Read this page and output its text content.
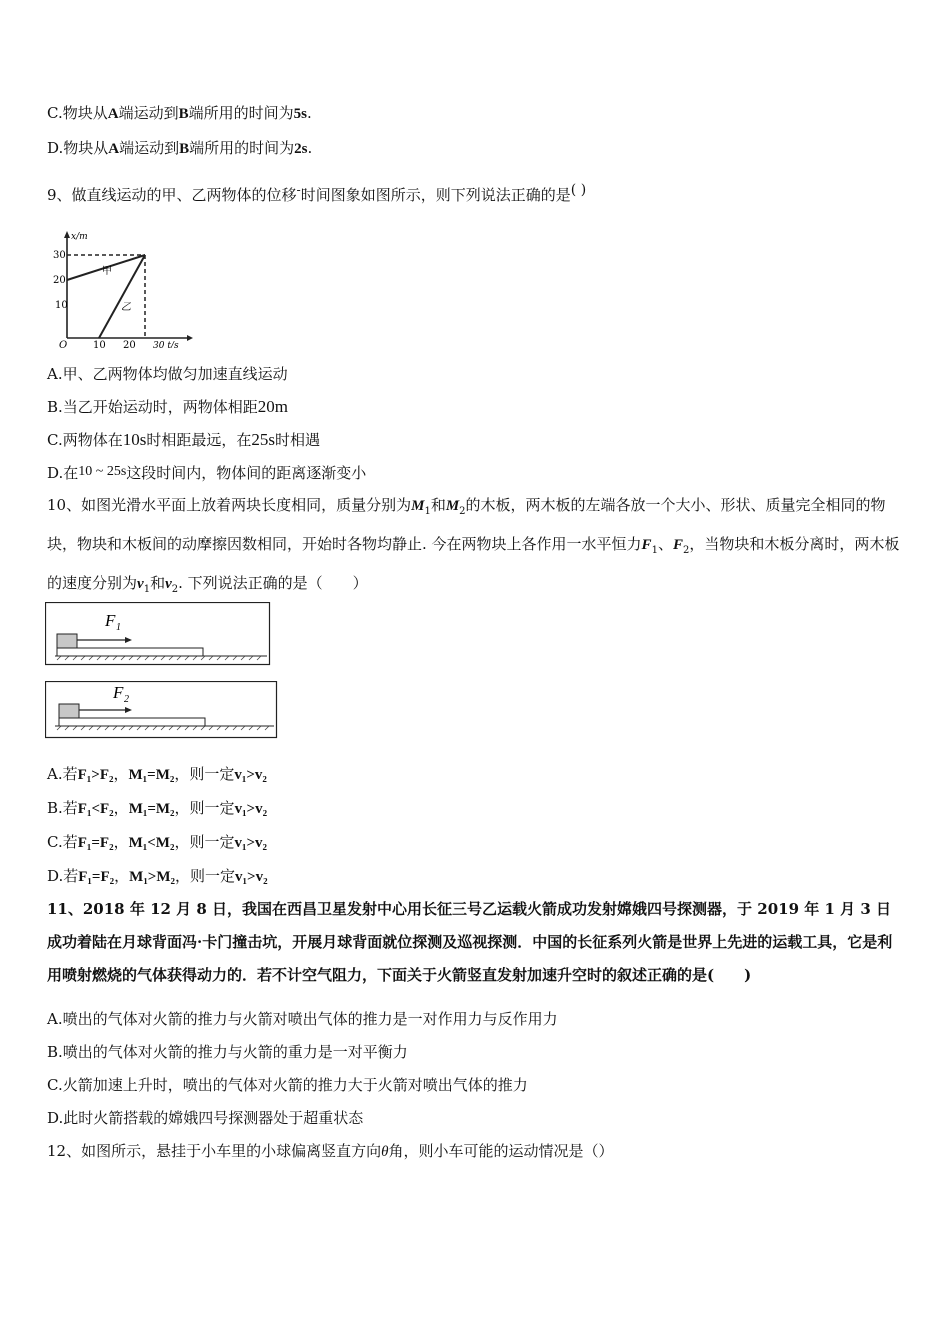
C.物块从A端运动到B端所用的时间为5s.
D.物块从A端运动到B端所用的时间为2s.
9、做直线运动的甲、乙两物体的位移-时间图象如图所示，则下列说法正确的是( )
x/m
30
20
10
O	10 20 30 t/s
甲
乙
A.甲、乙两物体均做匀加速直线运动
B.当乙开始运动时，两物体相距20m
C.两物体在10s时相距最远，在25s时相遇
D.在10 ~ 25s这段时间内，物体间的距离逐渐变小
10、如图光滑水平面上放着两块长度相同，质量分别为$M_1$和$M_2$的木板，两木板的左端各放一个大小、形状、质量完全相同的物块，物块和木板间的动摩擦因数相同，开始时各物均静止. 今在两物块上各作用一水平恒力$F_1$、$F_2$，当物块和木板分离时，两木板的速度分别为$v_1$和$v_2$. 下列说法正确的是（　　）
F 1
F 2
A.若F₁>F₂，M₁=M₂，则一定v₁>v₂
B.若F₁<F₂，M₁=M₂，则一定v₁>v₂
C.若F₁=F₂，M₁<M₂，则一定v₁>v₂
D.若F₁=F₂，M₁>M₂，则一定v₁>v₂
11、2018 年 12 月 8 日，我国在西昌卫星发射中心用长征三号乙运载火箭成功发射嫦娥四号探测器，于 2019 年 1 月 3 日成功着陆在月球背面冯·卡门撞击坑，开展月球背面就位探测及巡视探测．中国的长征系列火箭是世界上先进的运载工具，它是利用喷射燃烧的气体获得动力的．若不计空气阻力，下面关于火箭竖直发射加速升空时的叙述正确的是(　　)
A.喷出的气体对火箭的推力与火箭对喷出气体的推力是一对作用力与反作用力
B.喷出的气体对火箭的推力与火箭的重力是一对平衡力
C.火箭加速上升时，喷出的气体对火箭的推力大于火箭对喷出气体的推力
D.此时火箭搭载的嫦娥四号探测器处于超重状态
12、如图所示，悬挂于小车里的小球偏离竖直方向θ角，则小车可能的运动情况是（）
